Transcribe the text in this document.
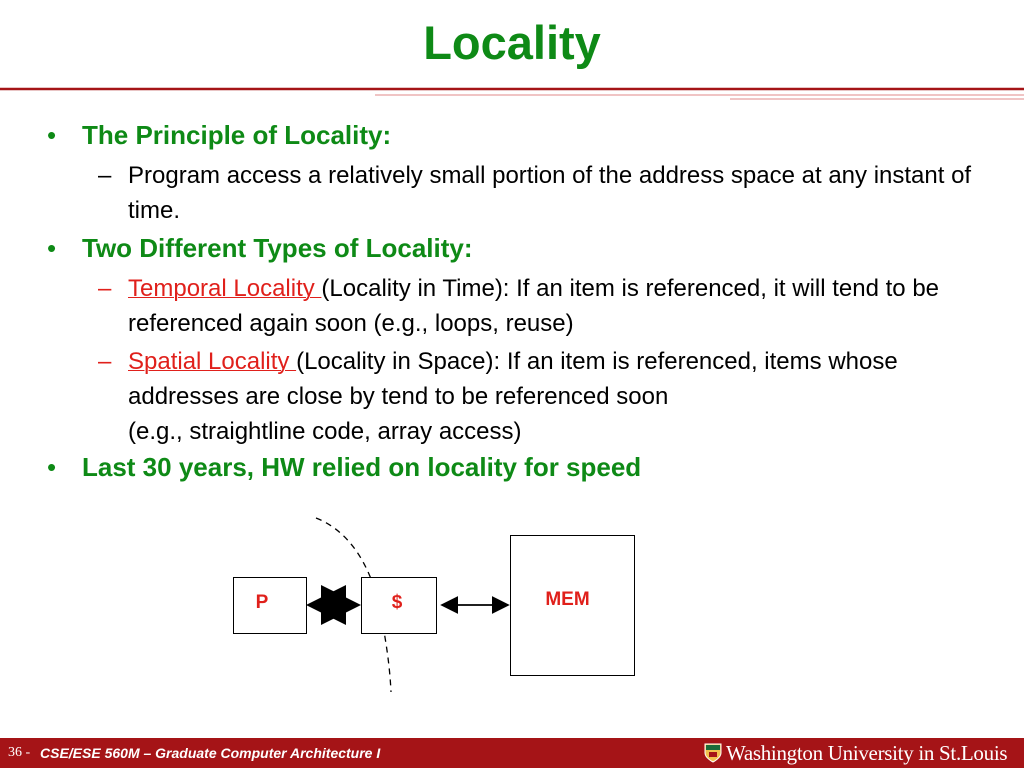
Locality
• The Principle of Locality:
– Program access a relatively small portion of the address space at any instant of time.
• Two Different Types of Locality:
– Temporal Locality (Locality in Time): If an item is referenced, it will tend to be referenced again soon (e.g., loops, reuse)
– Spatial Locality (Locality in Space): If an item is referenced, items whose addresses are close by tend to be referenced soon
(e.g., straightline code, array access)
• Last 30 years, HW relied on locality for speed
P	$	MEM
36 - CSE/ESE 560M – Graduate Computer Architecture I	Washington University in St.Louis
